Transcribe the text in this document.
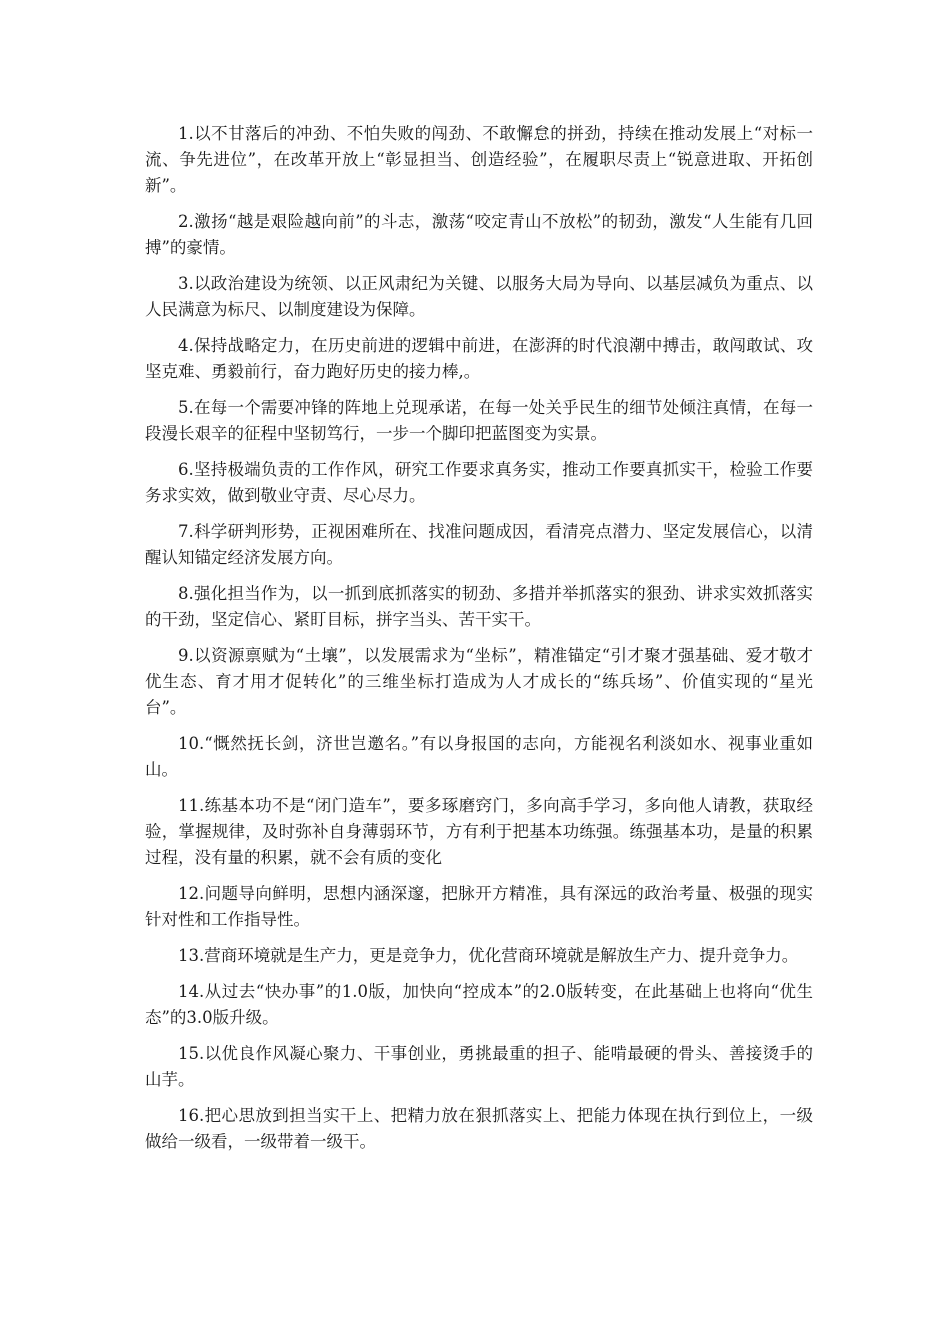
1.以不甘落后的冲劲、不怕失败的闯劲、不敢懈怠的拼劲，持续在推动发展上“对标一流、争先进位”，在改革开放上“彰显担当、创造经验”，在履职尽责上“锐意进取、开拓创新”。

2.激扬“越是艰险越向前”的斗志，激荡“咬定青山不放松”的韧劲，激发“人生能有几回搏”的豪情。

3.以政治建设为统领、以正风肃纪为关键、以服务大局为导向、以基层减负为重点、以人民满意为标尺、以制度建设为保障。

4.保持战略定力，在历史前进的逻辑中前进，在澎湃的时代浪潮中搏击，敢闯敢试、攻坚克难、勇毅前行，奋力跑好历史的接力棒,。

5.在每一个需要冲锋的阵地上兑现承诺，在每一处关乎民生的细节处倾注真情，在每一段漫长艰辛的征程中坚韧笃行，一步一个脚印把蓝图变为实景。

6.坚持极端负责的工作作风，研究工作要求真务实，推动工作要真抓实干，检验工作要务求实效，做到敬业守责、尽心尽力。

7.科学研判形势，正视困难所在、找准问题成因，看清亮点潜力、坚定发展信心，以清醒认知锚定经济发展方向。

8.强化担当作为，以一抓到底抓落实的韧劲、多措并举抓落实的狠劲、讲求实效抓落实的干劲，坚定信心、紧盯目标，拼字当头、苦干实干。

9.以资源禀赋为“土壤”，以发展需求为“坐标”，精准锚定“引才聚才强基础、爱才敬才优生态、育才用才促转化”的三维坐标打造成为人才成长的“练兵场”、价值实现的“星光台”。

10.“慨然抚长剑，济世岂邀名。”有以身报国的志向，方能视名利淡如水、视事业重如山。

11.练基本功不是“闭门造车”，要多琢磨窍门，多向高手学习，多向他人请教，获取经验，掌握规律，及时弥补自身薄弱环节，方有利于把基本功练强。练强基本功，是量的积累过程，没有量的积累，就不会有质的变化

12.问题导向鲜明，思想内涵深邃，把脉开方精准，具有深远的政治考量、极强的现实针对性和工作指导性。

13.营商环境就是生产力，更是竞争力，优化营商环境就是解放生产力、提升竞争力。

14.从过去“快办事”的1.0版，加快向“控成本”的2.0版转变，在此基础上也将向“优生态”的3.0版升级。

15.以优良作风凝心聚力、干事创业，勇挑最重的担子、能啃最硬的骨头、善接烫手的山芋。

16.把心思放到担当实干上、把精力放在狠抓落实上、把能力体现在执行到位上，一级做给一级看，一级带着一级干。
